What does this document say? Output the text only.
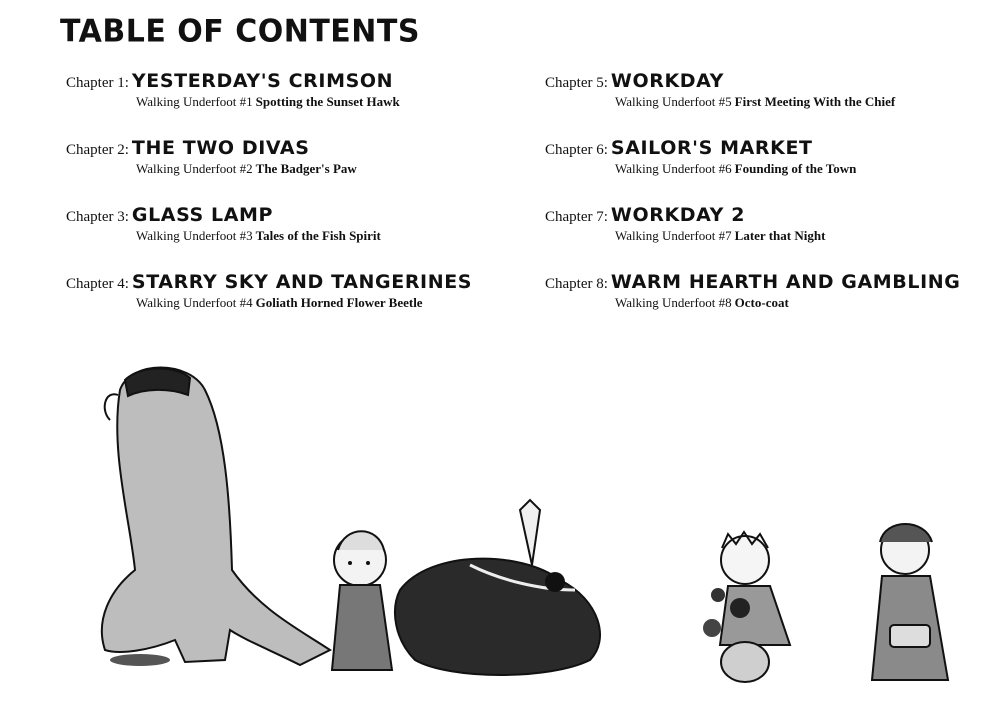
TABLE OF CONTENTS
Chapter 1: YESTERDAY'S CRIMSON
Walking Underfoot #1 Spotting the Sunset Hawk
Chapter 2: THE TWO DIVAS
Walking Underfoot #2 The Badger's Paw
Chapter 3: GLASS LAMP
Walking Underfoot #3 Tales of the Fish Spirit
Chapter 4: STARRY SKY AND TANGERINES
Walking Underfoot #4 Goliath Horned Flower Beetle
Chapter 5: WORKDAY
Walking Underfoot #5 First Meeting With the Chief
Chapter 6: SAILOR'S MARKET
Walking Underfoot #6 Founding of the Town
Chapter 7: WORKDAY 2
Walking Underfoot #7 Later that Night
Chapter 8: WARM HEARTH AND GAMBLING
Walking Underfoot #8 Octo-coat
